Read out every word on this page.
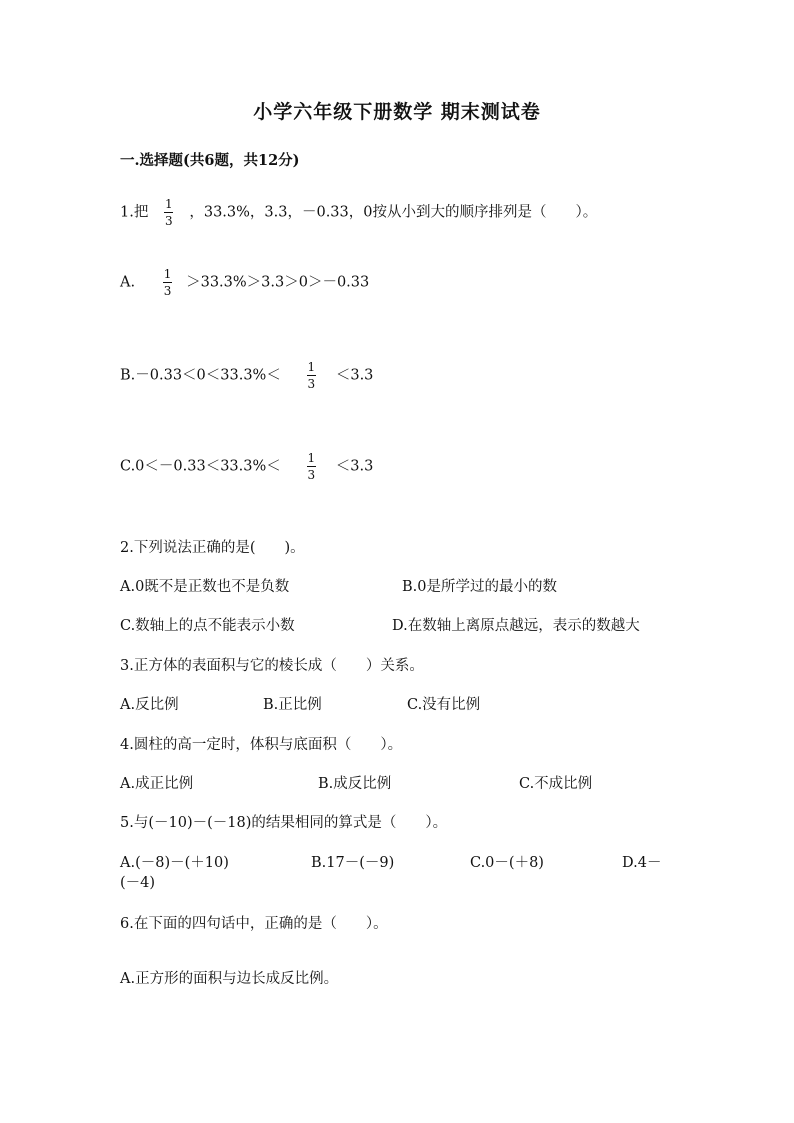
小学六年级下册数学 期末测试卷
一.选择题(共6题，共12分)
1.把 $\frac{1}{3}$ ，33.3%，3.3，－0.33，0按从小到大的顺序排列是（　　）。
A. $\frac{1}{3} >33.3\%>3.3>0>-0.33$
$B.-0.33<0<33.3\%< \frac{1}{3} <3.3$
$C.0<-0.33<33.3\%< \frac{1}{3} <3.3$
2.下列说法正确的是(　　)。
A.0既不是正数也不是负数	B.0是所学过的最小的数
C.数轴上的点不能表示小数	D.在数轴上离原点越远，表示的数越大
3.正方体的表面积与它的棱长成（　　）关系。
A.反比例	B.正比例	C.没有比例
4.圆柱的高一定时，体积与底面积（　　）。
A.成正比例	B.成反比例	C.不成比例
5.与(－10)－(－18)的结果相同的算式是（　　）。
A.(－8)－(＋10)	B.17－(－9)	C.0－(＋8)	D.4－
(－4)
6.在下面的四句话中，正确的是（　　）。
A.正方形的面积与边长成反比例。
